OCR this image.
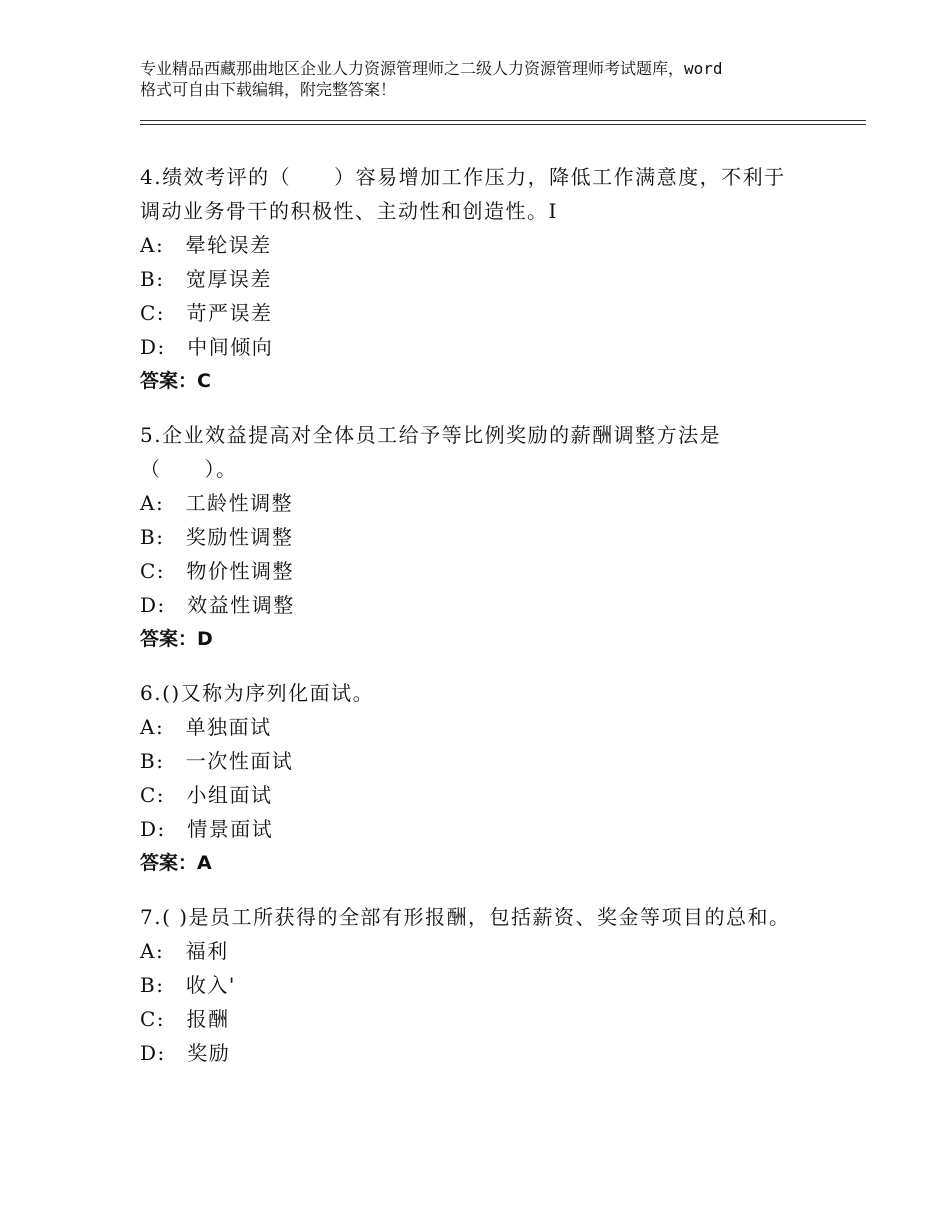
专业精品西藏那曲地区企业人力资源管理师之二级人力资源管理师考试题库，word
格式可自由下载编辑，附完整答案！
4.绩效考评的（　　）容易增加工作压力，降低工作满意度，不利于
调动业务骨干的积极性、主动性和创造性。I
A:　晕轮误差
B:　宽厚误差
C:　苛严误差
D:　中间倾向
答案：C
5.企业效益提高对全体员工给予等比例奖励的薪酬调整方法是
（　　）。
A:　工龄性调整
B:　奖励性调整
C:　物价性调整
D:　效益性调整
答案：D
6.()又称为序列化面试。
A:　单独面试
B:　一次性面试
C:　小组面试
D:　情景面试
答案：A
7.( )是员工所获得的全部有形报酬，包括薪资、奖金等项目的总和。
A:　福利
B:　收入'
C:　报酬
D:　奖励
